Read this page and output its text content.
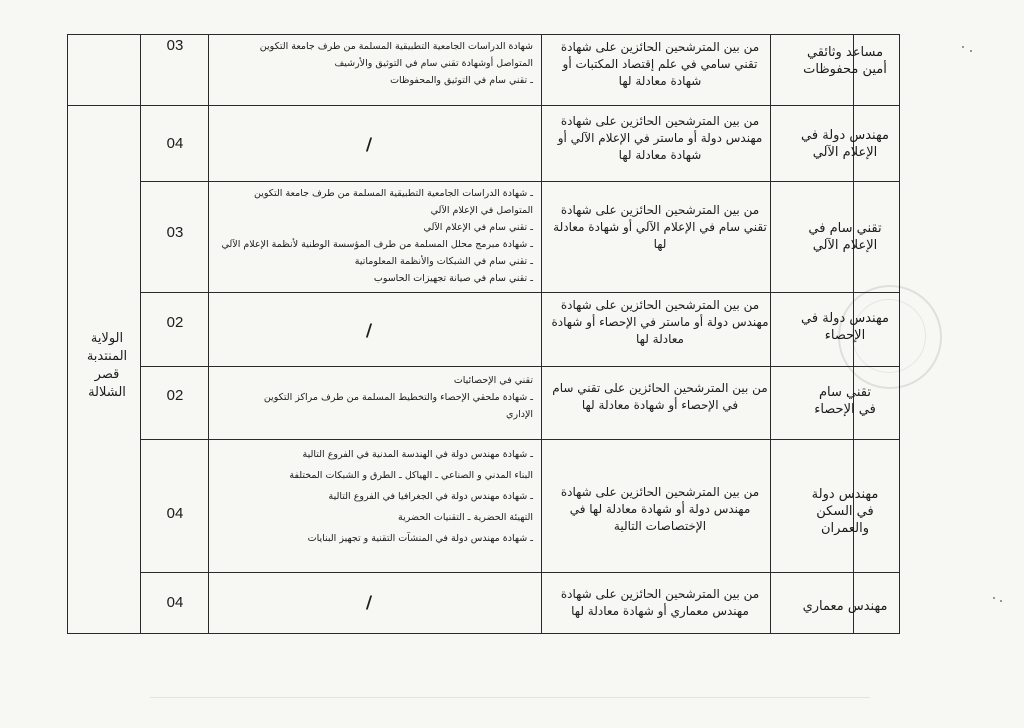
الولاية
المنتدبة
قصر
الشلالة
مساعد وثائقي
أمين محفوظات
من بين المترشحين الحائزين على شهادة
تقني سامي في علم إقتصاد المكتبات أو
شهادة معادلة لها
شهادة الدراسات الجامعية التطبيقية المسلمة من طرف جامعة التكوين
المتواصل أوشهادة تقني سام في التوثيق والأرشيف
ـ تقني سام في التوثيق والمحفوظات
03
مهندس دولة في
الإعلام الآلي
من بين المترشحين الحائزين على شهادة
مهندس دولة أو ماستر في الإعلام الآلي أو
شهادة معادلة لها
/
04
تقني سام في
الإعلام الآلي
من بين المترشحين الحائزين على شهادة
تقني سام في الإعلام الآلي أو شهادة معادلة
لها
ـ شهادة الدراسات الجامعية التطبيقية المسلمة من طرف جامعة التكوين
المتواصل في الإعلام الآلي
ـ تقني سام في الإعلام الآلي
ـ شهادة مبرمج محلل المسلمة من طرف المؤسسة الوطنية لأنظمة الإعلام الآلي
ـ تقني سام في الشبكات والأنظمة المعلوماتية
ـ تقني سام في صيانة تجهيزات الحاسوب
03
مهندس دولة في
الإحصاء
من بين المترشحين الحائزين على شهادة
مهندس دولة أو ماستر في الإحصاء أو شهادة
معادلة لها
/
02
تقني سام
في الإحصاء
من بين المترشحين الحائزين على تقني سام
في الإحصاء أو شهادة معادلة لها
تقني في الإحصائيات
ـ شهادة ملحقي الإحصاء والتخطيط المسلمة من طرف مراكز التكوين
الإداري
02
مهندس دولة
في السكن
والعمران
من بين المترشحين الحائزين على شهادة
مهندس دولة أو شهادة معادلة لها في
الإختصاصات التالية
ـ شهادة مهندس دولة في الهندسة المدنية في الفروع التالية
البناء المدني و الصناعي ـ الهياكل ـ الطرق و الشبكات المختلفة
ـ شهادة مهندس دولة في الجغرافيا في الفروع التالية
التهيئة الحضرية ـ التقنيات الحضرية
ـ شهادة مهندس دولة في المنشآت التقنية و تجهيز البنايات
04
مهندس معماري
من بين المترشحين الحائزين على شهادة
مهندس معماري أو شهادة معادلة لها
/
04
